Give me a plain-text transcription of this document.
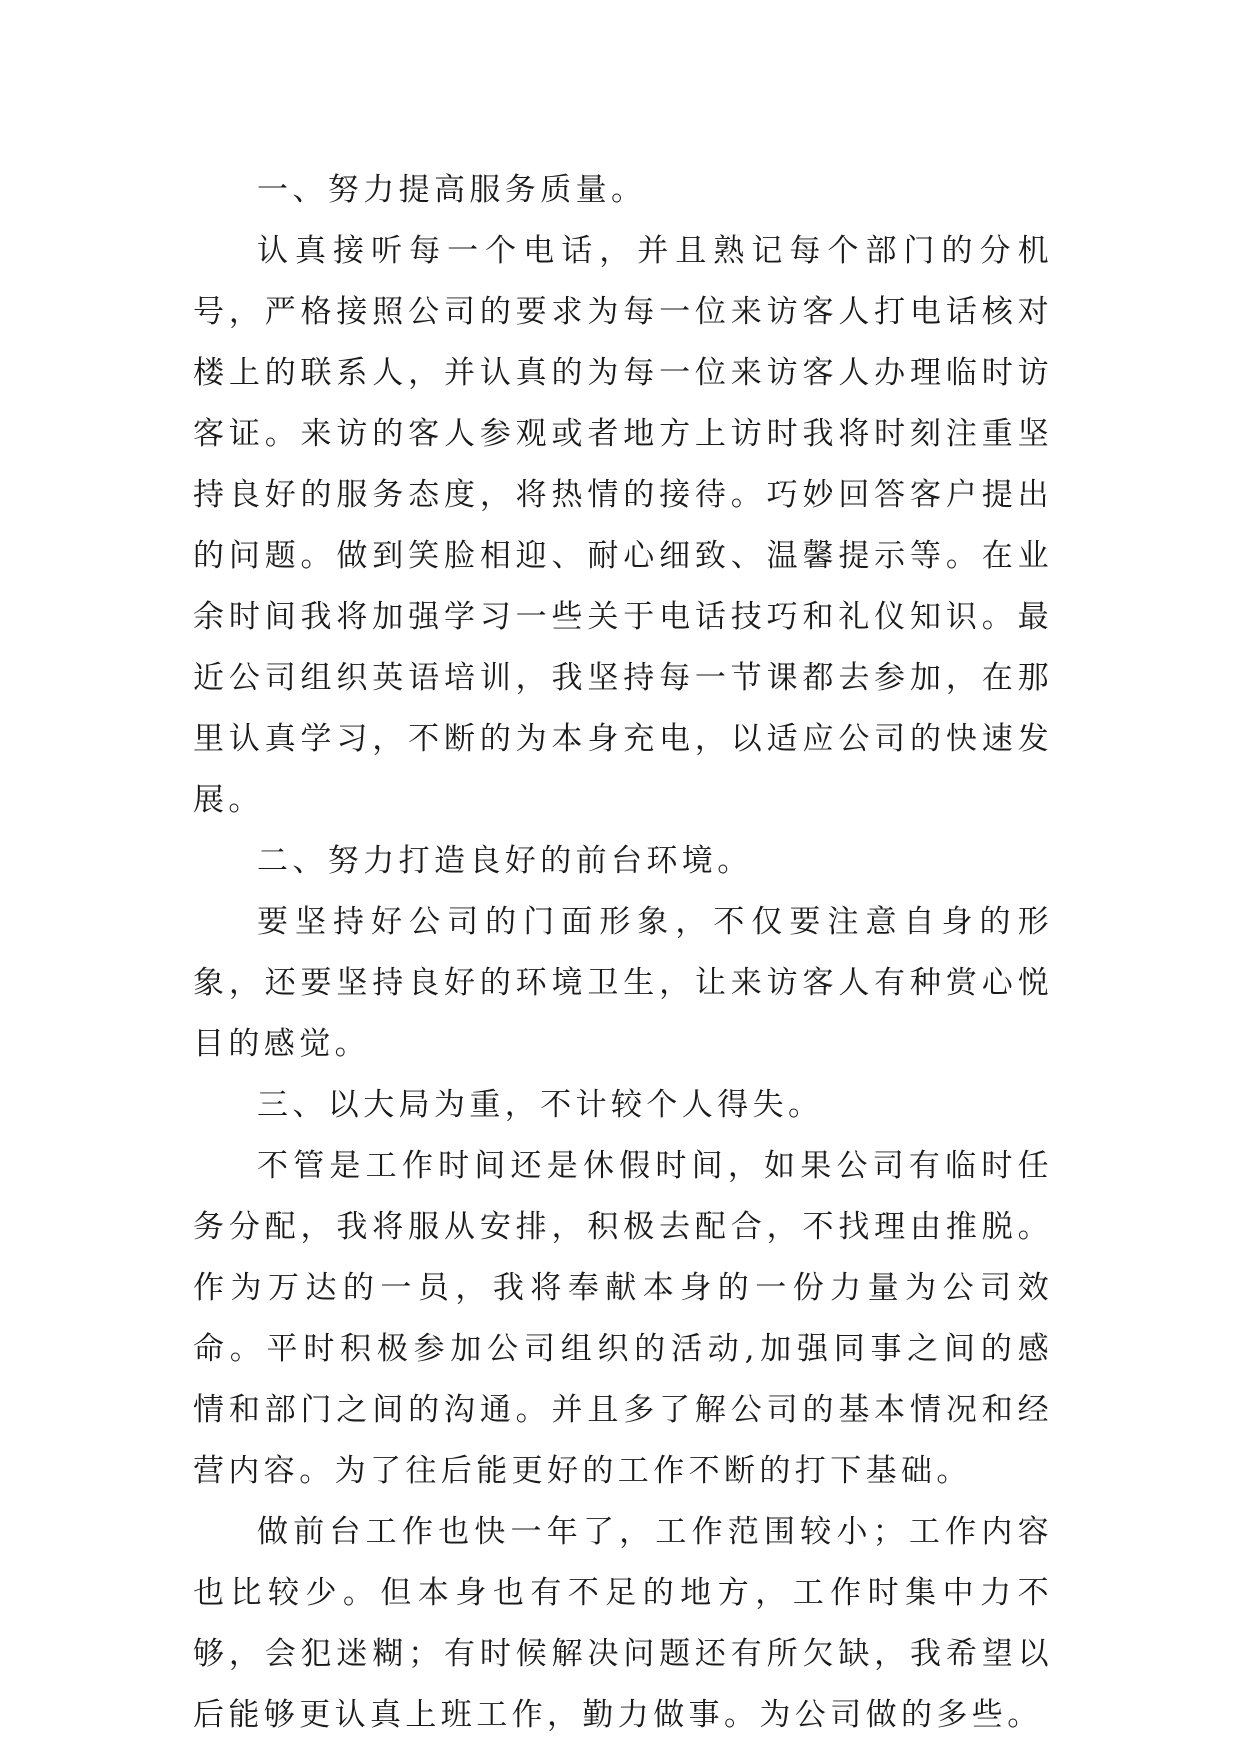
一、努力提高服务质量。

认真接听每一个电话，并且熟记每个部门的分机号，严格接照公司的要求为每一位来访客人打电话核对楼上的联系人，并认真的为每一位来访客人办理临时访客证。来访的客人参观或者地方上访时我将时刻注重坚持良好的服务态度，将热情的接待。巧妙回答客户提出的问题。做到笑脸相迎、耐心细致、温馨提示等。在业余时间我将加强学习一些关于电话技巧和礼仪知识。最近公司组织英语培训，我坚持每一节课都去参加，在那里认真学习，不断的为本身充电，以适应公司的快速发展。

二、努力打造良好的前台环境。

要坚持好公司的门面形象，不仅要注意自身的形象，还要坚持良好的环境卫生，让来访客人有种赏心悦目的感觉。

三、以大局为重，不计较个人得失。

不管是工作时间还是休假时间，如果公司有临时任务分配，我将服从安排，积极去配合，不找理由推脱。作为万达的一员，我将奉献本身的一份力量为公司效命。平时积极参加公司组织的活动,加强同事之间的感情和部门之间的沟通。并且多了解公司的基本情况和经营内容。为了往后能更好的工作不断的打下基础。

做前台工作也快一年了，工作范围较小；工作内容也比较少。但本身也有不足的地方，工作时集中力不够，会犯迷糊；有时候解决问题还有所欠缺，我希望以后能够更认真上班工作，勤力做事。为公司做的多些。
